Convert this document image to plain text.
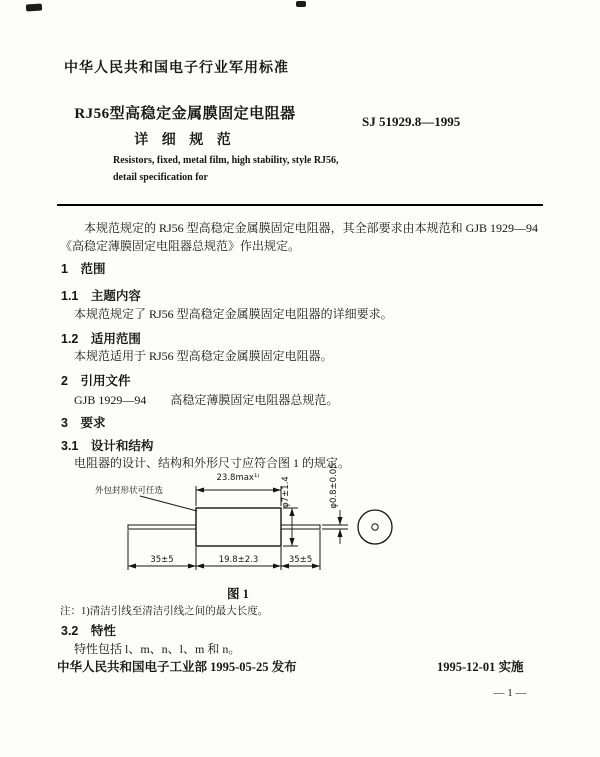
中华人民共和国电子行业军用标准
RJ56型高稳定金属膜固定电阻器
详 细 规 范
SJ 51929.8—1995
Resistors, fixed, metal film, high stability, style RJ56,
detail specification for

本规范规定的 RJ56 型高稳定金属膜固定电阻器，其全部要求由本规范和 GJB 1929—94《高稳定薄膜固定电阻器总规范》作出规定。

1　范围
1.1　主题内容

本规范规定了 RJ56 型高稳定金属膜固定电阻器的详细要求。

1.2　适用范围

本规范适用于 RJ56 型高稳定金属膜固定电阻器。

2　引用文件

GJB 1929—94　　高稳定薄膜固定电阻器总规范。

3　要求
3.1　设计和结构

电阻器的设计、结构和外形尺寸应符合图 1 的规定。

外包封形状可任选
23.8max¹⁾	φ7±1.4	φ0.8±0.05
35±5	19.8±2.3	35±5
图 1
注：1)清洁引线至清洁引线之间的最大长度。
3.2　特性

特性包括 l、m、n、l、m 和 n。

中华人民共和国电子工业部 1995-05-25 发布	1995-12-01 实施
— 1 —
